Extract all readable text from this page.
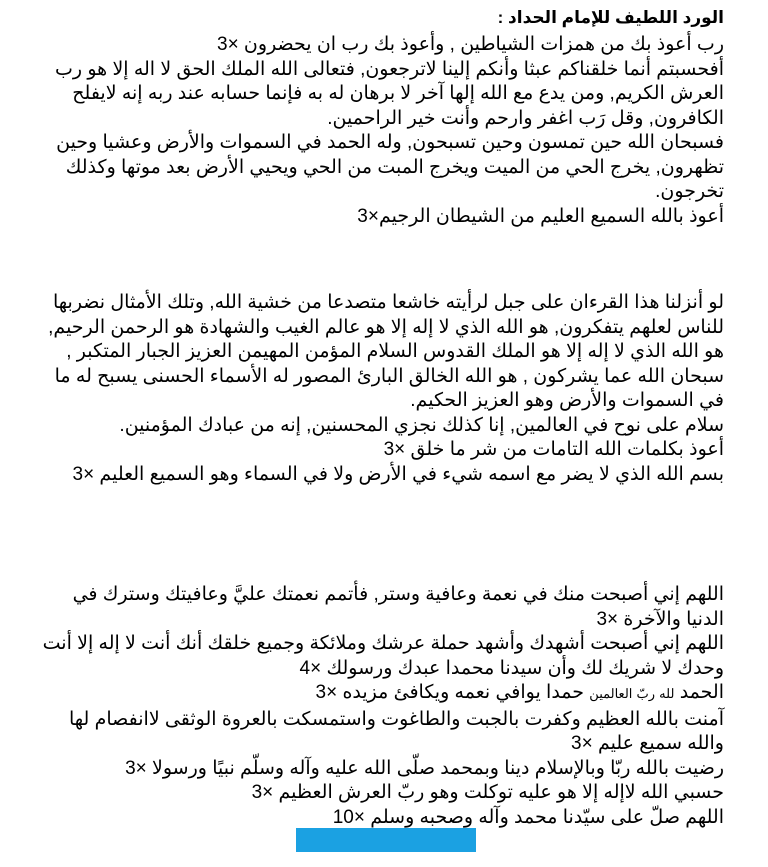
الورد اللطيف للإمام الحداد :

رب أعوذ بك من همزات الشياطين , وأعوذ بك رب ان يحضرون ×3

أفحسبتم أنما خلقناكم عبثا وأنكم إلينا لاترجعون, فتعالى الله الملك الحق لا اله إلا هو رب العرش الكريم, ومن يدع مع الله إلها آخر لا برهان له به فإنما حسابه عند ربه إنه لايفلح الكافرون, وقل رَب اغفر وارحم وأنت خير الراحمين.

فسبحان الله حين تمسون وحين تسبحون, وله الحمد في السموات والأرض وعشيا وحين تظهرون, يخرج الحي من الميت ويخرج المبت من الحي ويحيي الأرض بعد موتها وكذلك تخرجون.

أعوذ بالله السميع العليم من الشيطان الرجيم×3

لو أنزلنا هذا القرءان على جبل لرأيته خاشعا متصدعا من خشية الله, وتلك الأمثال نضربها للناس لعلهم يتفكرون, هو الله الذي لا إله إلا هو عالم الغيب والشهادة هو الرحمن الرحيم, هو الله الذي لا إله إلا هو الملك القدوس السلام المؤمن المهيمن العزيز الجبار المتكبر , سبحان الله عما يشركون , هو الله الخالق البارئ المصور له الأسماء الحسنى يسبح له ما في السموات والأرض وهو العزيز الحكيم.

سلام على نوح في العالمين, إنا كذلك نجزي المحسنين, إنه من عبادك المؤمنين.

أعوذ بكلمات الله التامات من شر ما خلق ×3

بسم الله الذي لا يضر مع اسمه شيء في الأرض ولا في السماء وهو السميع العليم ×3

اللهم إني أصبحت منك في نعمة وعافية وستر, فأتمم نعمتك عليَّ وعافيتك وسترك في الدنيا والآخرة ×3

اللهم إني أصبحت أشهدك وأشهد حملة عرشك وملائكة وجميع خلقك أنك أنت لا إله إلا أنت وحدك لا شريك لك وأن سيدنا محمدا عبدك ورسولك ×4

الحمد لله ربّ العالمين حمدا يوافي نعمه ويكافئ مزيده ×3

آمنت بالله العظيم وكفرت بالجبت والطاغوت واستمسكت بالعروة الوثقى لاانفصام لها والله سميع عليم ×3

رضيت بالله ربّا وبالإسلام دينا وبمحمد صلّى الله عليه وآله وسلّم نبيًا ورسولا ×3

حسبي الله لاإله إلا هو عليه توكلت وهو ربّ العرش العظيم ×3

اللهم صلّ على سيّدنا محمد وآله وصحبه وسلم ×10
